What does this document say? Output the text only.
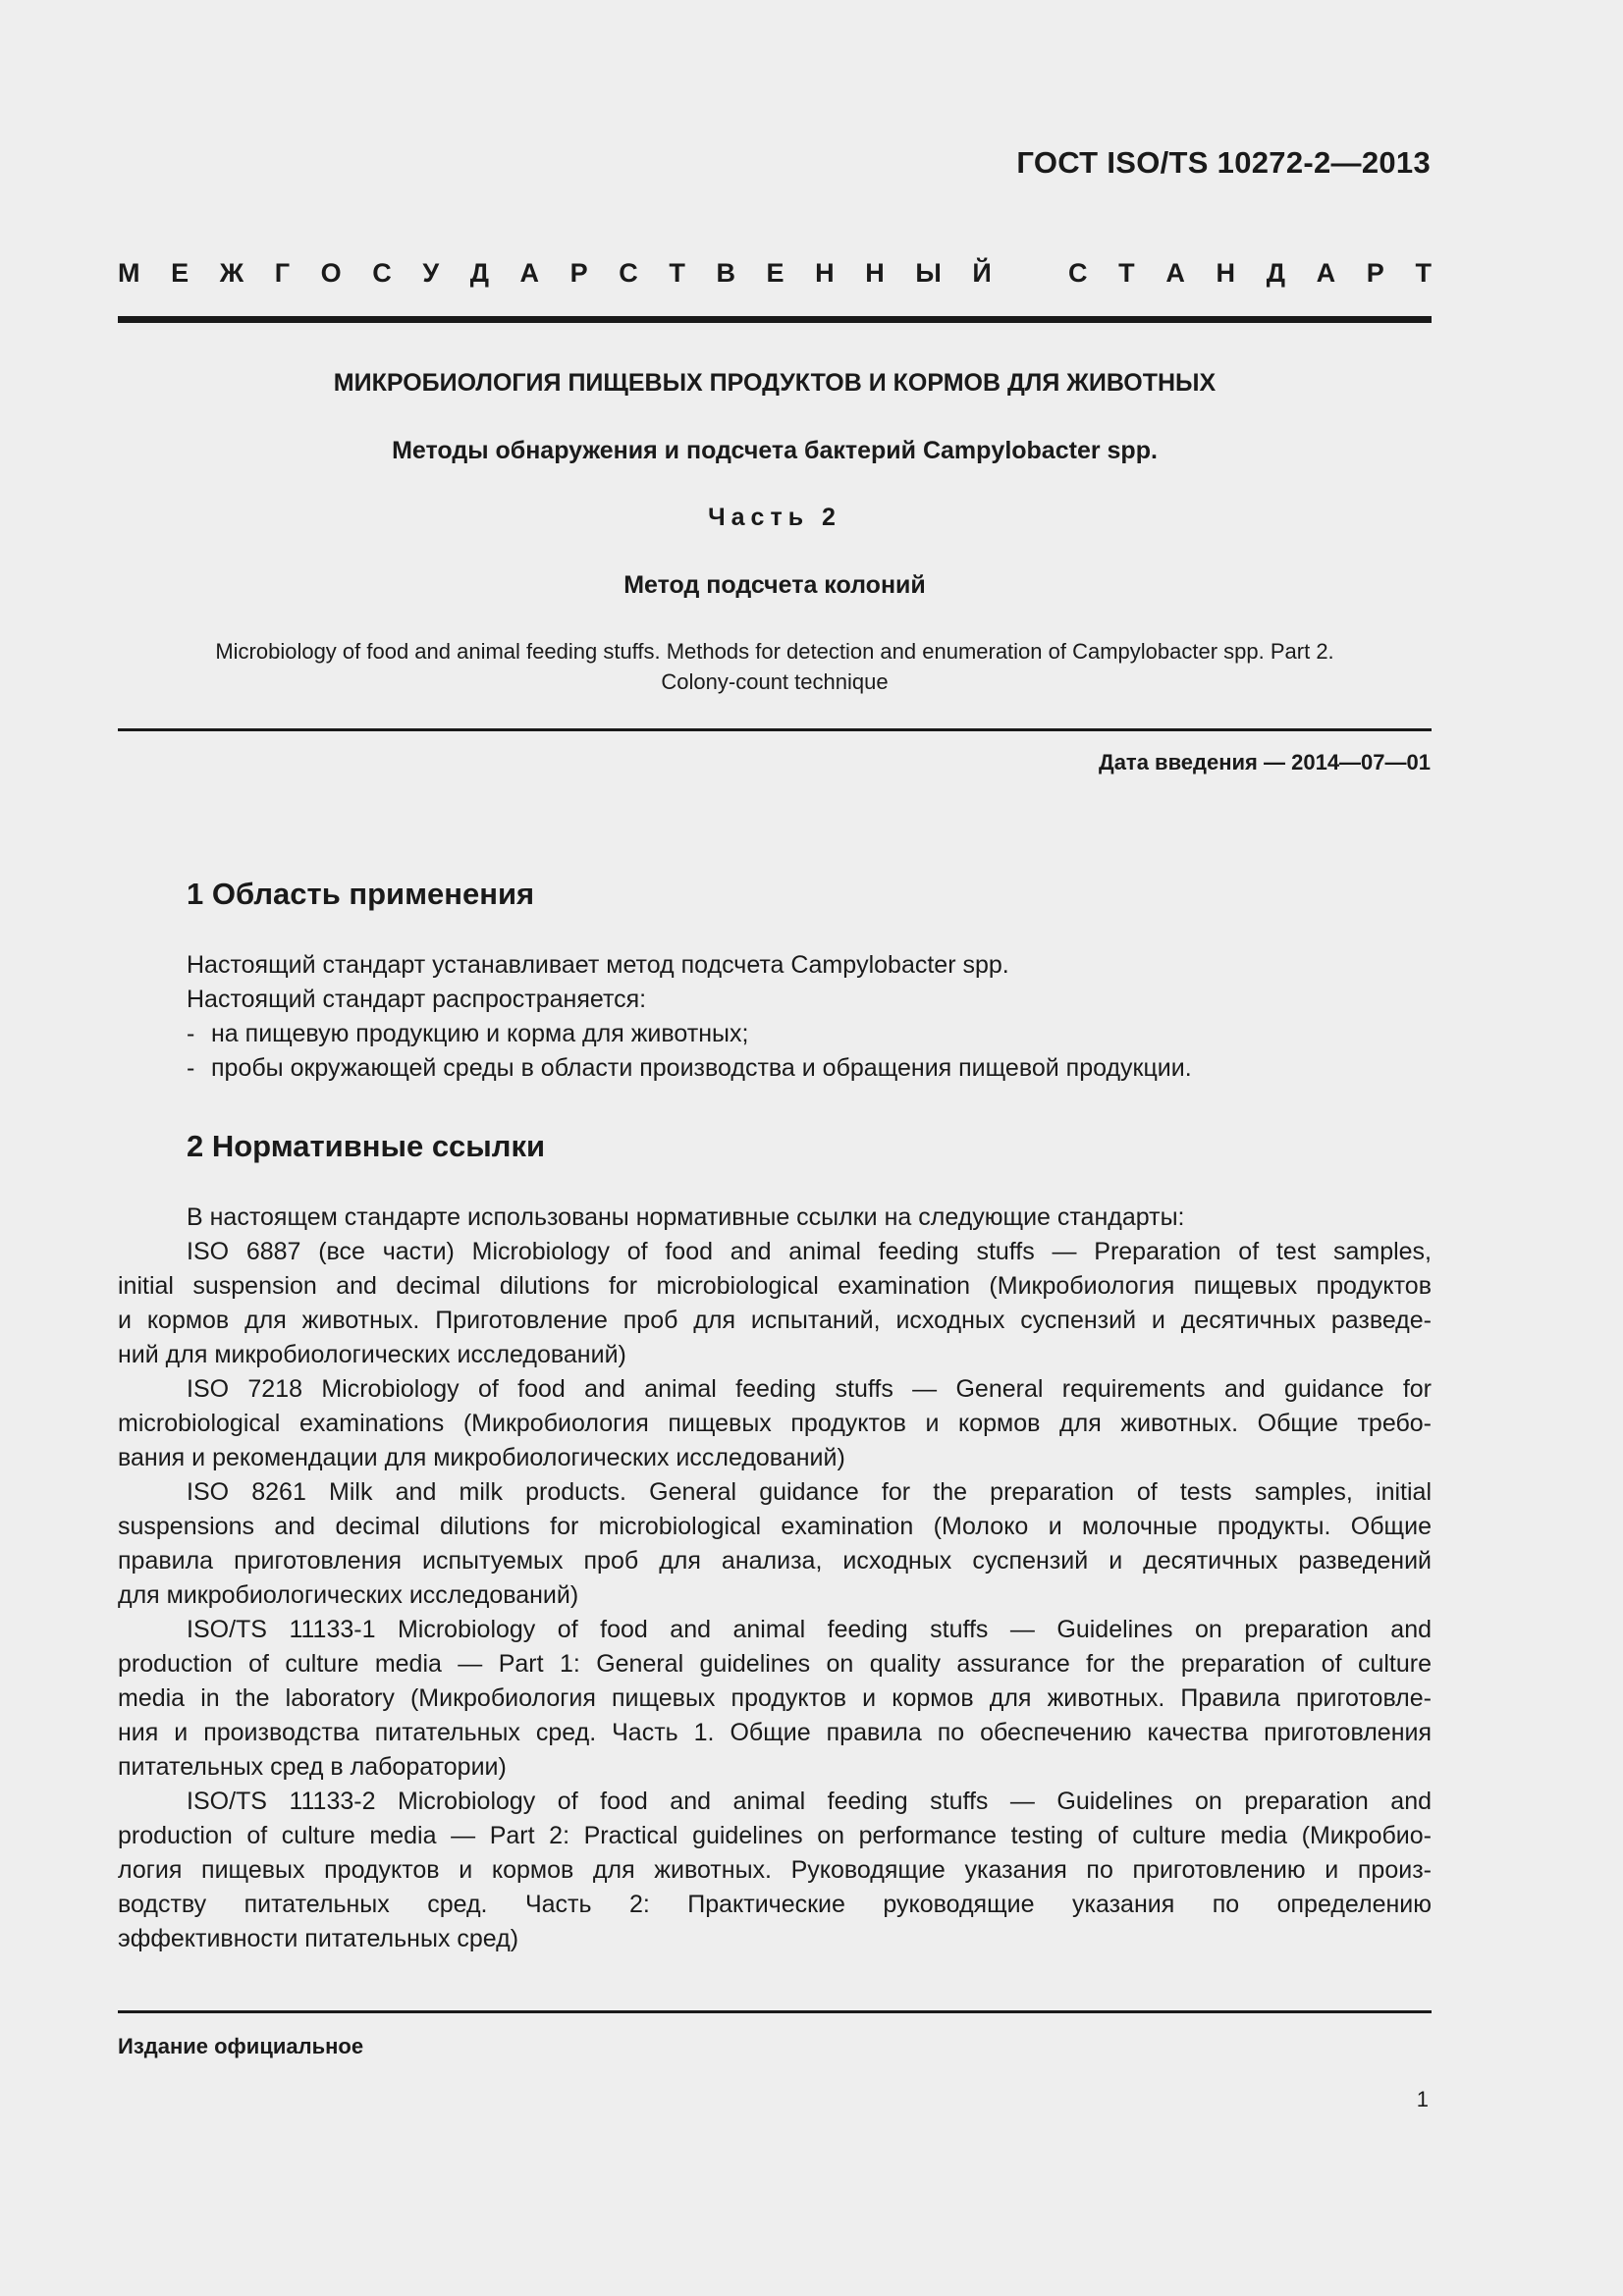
ГОСТ ISO/TS 10272-2—2013
М Е Ж Г О С У Д А Р С Т В Е Н Н Ы Й	С Т А Н Д А Р Т
МИКРОБИОЛОГИЯ ПИЩЕВЫХ ПРОДУКТОВ И КОРМОВ ДЛЯ ЖИВОТНЫХ
Методы обнаружения и подсчета бактерий Campylobacter spp.
Часть 2
Метод подсчета колоний
Microbiology of food and animal feeding stuffs. Methods for detection and enumeration of Campylobacter spp. Part 2.
Colony-count technique
Дата введения — 2014—07—01
1 Область применения
Настоящий стандарт устанавливает метод подсчета Campylobacter spp.
Настоящий стандарт распространяется:
- на пищевую продукцию и корма для животных;
- пробы окружающей среды в области производства и обращения пищевой продукции.
2 Нормативные ссылки
В настоящем стандарте использованы нормативные ссылки на следующие стандарты:
ISO 6887 (все части) Microbiology of food and animal feeding stuffs — Preparation of test samples,
initial suspension and decimal dilutions for microbiological examination (Микробиология пищевых продуктов
и кормов для животных. Приготовление проб для испытаний, исходных суспензий и десятичных разведе-
ний для микробиологических исследований)
ISO 7218 Microbiology of food and animal feeding stuffs — General requirements and guidance for
microbiological examinations (Микробиология пищевых продуктов и кормов для животных. Общие требо-
вания и рекомендации для микробиологических исследований)
ISO 8261 Milk and milk products. General guidance for the preparation of tests samples, initial
suspensions and decimal dilutions for microbiological examination (Молоко и молочные продукты. Общие
правила приготовления испытуемых проб для анализа, исходных суспензий и десятичных разведений
для микробиологических исследований)
ISO/TS 11133-1 Microbiology of food and animal feeding stuffs — Guidelines on preparation and
production of culture media — Part 1: General guidelines on quality assurance for the preparation of culture
media in the laboratory (Микробиология пищевых продуктов и кормов для животных. Правила приготовле-
ния и производства питательных сред. Часть 1. Общие правила по обеспечению качества приготовления
питательных сред в лаборатории)
ISO/TS 11133-2 Microbiology of food and animal feeding stuffs — Guidelines on preparation and
production of culture media — Part 2: Practical guidelines on performance testing of culture media (Микробио-
логия пищевых продуктов и кормов для животных. Руководящие указания по приготовлению и произ-
водству питательных сред. Часть 2: Практические руководящие указания по определению
эффективности питательных сред)
Издание официальное
1
